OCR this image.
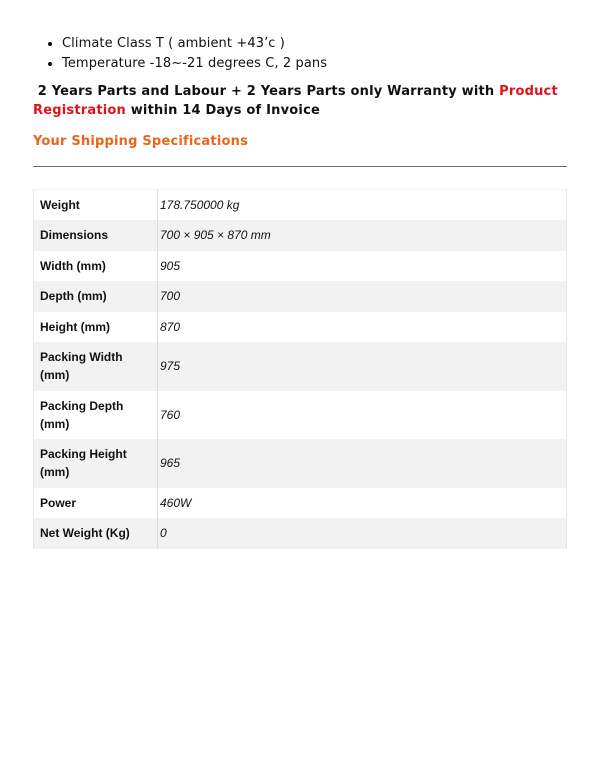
• Climate Class T ( ambient +43’c )
• Temperature -18~-21 degrees C, 2 pans

2 Years Parts and Labour + 2 Years Parts only Warranty with Product Registration within 14 Days of Invoice

Your Shipping Specifications
Weight	178.750000 kg
Dimensions	700 × 905 × 870 mm
Width (mm)	905
Depth (mm)	700
Height (mm)	870
Packing Width (mm)	975
Packing Depth (mm)	760
Packing Height (mm)	965
Power	460W
Net Weight (Kg)	0
